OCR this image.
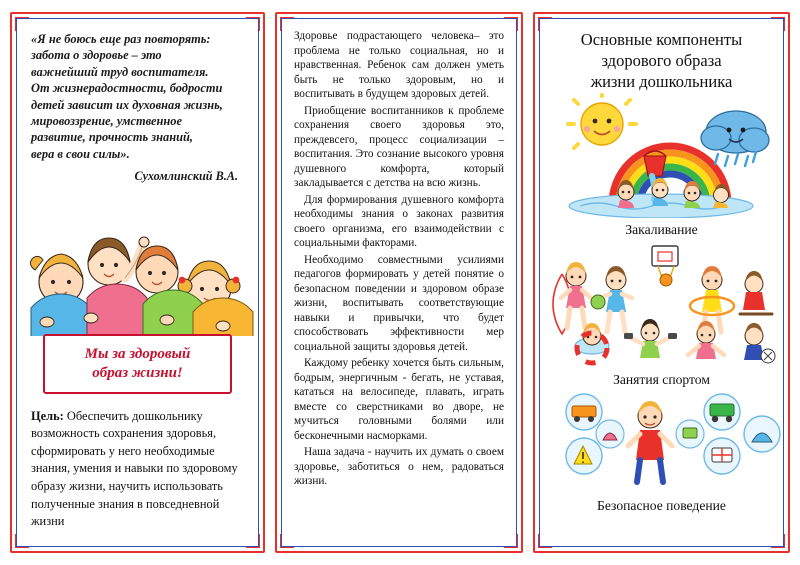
«Я не боюсь еще раз повторять:

забота о здоровье – это

важнейший труд воспитателя.

От жизнерадостности, бодрости

детей зависит их духовная жизнь,

мировоззрение, умственное

развитие, прочность знаний,

вера в свои силы».

Сухомлинский В.А.
Мы за здоровый
образ жизни!
Цель: Обеспечить дошкольнику возможность сохранения здоровья, сформировать у него необходимые знания, умения и навыки по здоровому образу жизни, научить использовать полученные знания в повседневной жизни

Здоровье подрастающего человека– это проблема не только социальная, но и нравственная. Ребенок сам должен уметь быть не только здоровым, но и воспитывать в будущем здоровых детей.

Приобщение воспитанников к проблеме сохранения своего здоровья это, преждевсего, процесс социализации – воспитания. Это сознание высокого уровня душевного комфорта, который закладывается с детства на всю жизнь.

Для формирования душевного комфорта необходимы знания о законах развития своего организма, его взаимодействии с социальными факторами.

Необходимо совместными усилиями педагогов формировать у детей понятие о безопасном поведении и здоровом образе жизни, воспитывать соответствующие навыки и привычки, что будет способствовать эффективности мер социальной защиты здоровья детей.

Каждому ребенку хочется быть сильным, бодрым, энергичным - бегать, не уставая, кататься на велосипеде, плавать, играть вместе со сверстниками во дворе, не мучиться головными болями или бесконечными насморками.

Наша задача - научить их думать о своем здоровье, заботиться о нем, радоваться жизни.

Основные компоненты
здорового образа
жизни дошкольника
Закаливание
Занятия спортом
Безопасное поведение
